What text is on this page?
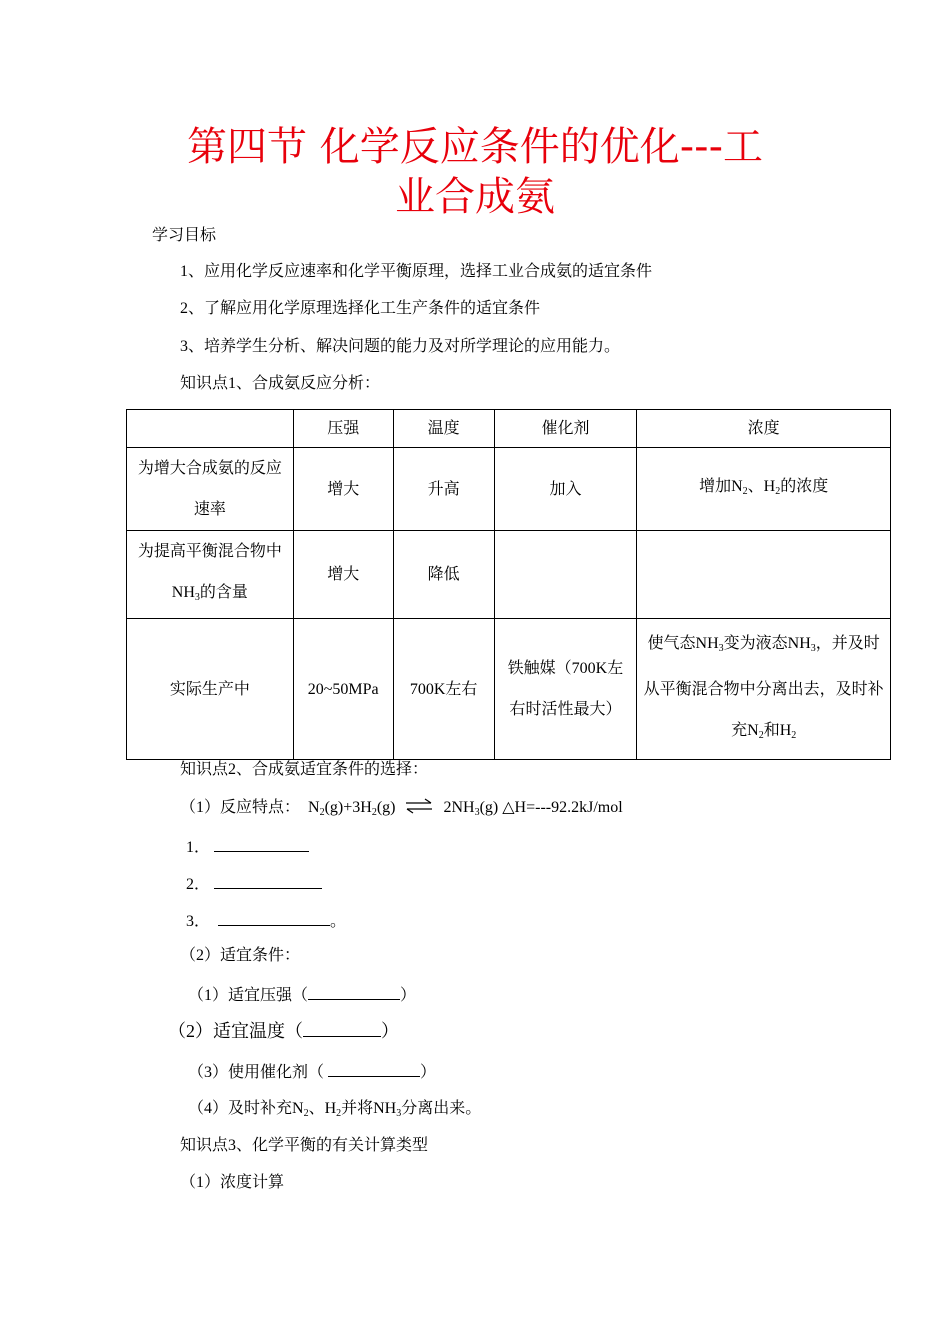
第四节 化学反应条件的优化---工
业合成氨
学习目标
1、应用化学反应速率和化学平衡原理，选择工业合成氨的适宜条件
2、了解应用化学原理选择化工生产条件的适宜条件
3、培养学生分析、解决问题的能力及对所学理论的应用能力。
知识点1、合成氨反应分析：
	压强	温度	催化剂	浓度
为增大合成氨的反应速率	增大	升高	加入	增加$N_2$、$H_2$的浓度
为提高平衡混合物中$NH_3$的含量	增大	降低		
实际生产中	20~50MPa	700K左右	铁触媒（700K左右时活性最大）	使气态$NH_3$变为液态$NH_3$，并及时从平衡混合物中分离出去，及时补充$N_2$和$H_2$
知识点2、合成氨适宜条件的选择：
（1）反应特点： $N_2(g)+3H_2(g)$ ⇌ $2NH_3(g)$ △H=---92.2kJ/mol
1．
2．
3．	。
（2）适宜条件：
（1）适宜压强（	）
（2）适宜温度（	）
（3）使用催化剂（	）
（4）及时补充$N_2$、$H_2$并将$NH_3$分离出来。
知识点3、化学平衡的有关计算类型
（1）浓度计算
